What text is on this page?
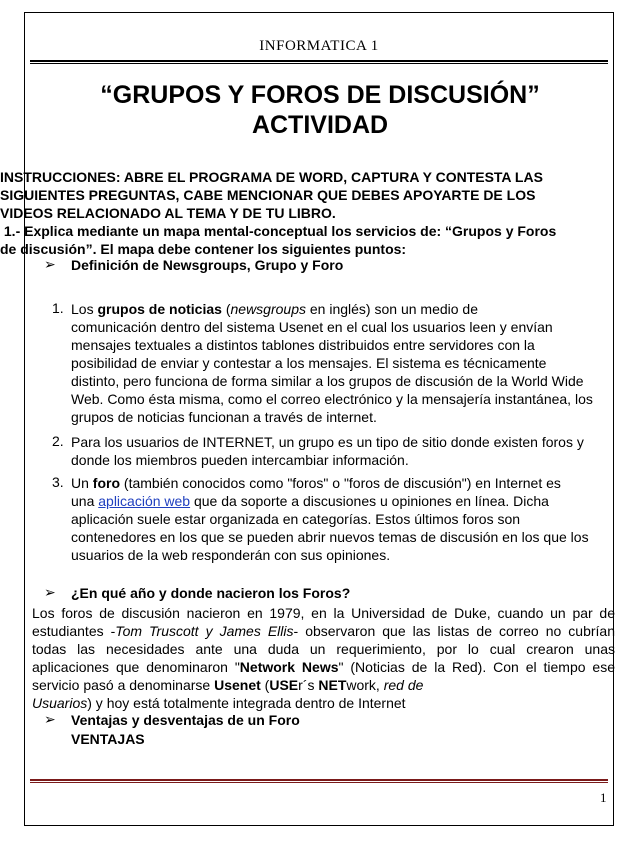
INFORMATICA 1
“GRUPOS Y FOROS DE DISCUSIÓN”
ACTIVIDAD
INSTRUCCIONES: ABRE EL PROGRAMA DE WORD, CAPTURA Y CONTESTA LAS
SIGUIENTES PREGUNTAS, CABE MENCIONAR QUE DEBES APOYARTE DE LOS
VIDEOS RELACIONADO AL TEMA Y DE TU LIBRO.
1.- Explica mediante un mapa mental-conceptual los servicios de: “Grupos y Foros
de discusión”. El mapa debe contener los siguientes puntos:
➢ Definición de Newsgroups, Grupo y Foro
1. Los grupos de noticias (newsgroups en inglés) son un medio de
comunicación dentro del sistema Usenet en el cual los usuarios leen y envían
mensajes textuales a distintos tablones distribuidos entre servidores con la
posibilidad de enviar y contestar a los mensajes. El sistema es técnicamente
distinto, pero funciona de forma similar a los grupos de discusión de la World Wide
Web. Como ésta misma, como el correo electrónico y la mensajería instantánea, los
grupos de noticias funcionan a través de internet.
2. Para los usuarios de INTERNET, un grupo es un tipo de sitio donde existen foros y
donde los miembros pueden intercambiar información.
3. Un foro (también conocidos como "foros" o "foros de discusión") en Internet es
una aplicación web que da soporte a discusiones u opiniones en línea. Dicha
aplicación suele estar organizada en categorías. Estos últimos foros son
contenedores en los que se pueden abrir nuevos temas de discusión en los que los
usuarios de la web responderán con sus opiniones.
➢ ¿En qué año y donde nacieron los Foros?
Los foros de discusión nacieron en 1979, en la Universidad de Duke, cuando un par de
estudiantes -Tom Truscott y James Ellis- observaron que las listas de correo no cubrían
todas las necesidades ante una duda un requerimiento, por lo cual crearon unas
aplicaciones que denominaron "Network News" (Noticias de la Red). Con el tiempo ese
servicio pasó a denominarse Usenet (USEr´s NETwork, red de
Usuarios) y hoy está totalmente integrada dentro de Internet
➢ Ventajas y desventajas de un Foro
VENTAJAS
1
